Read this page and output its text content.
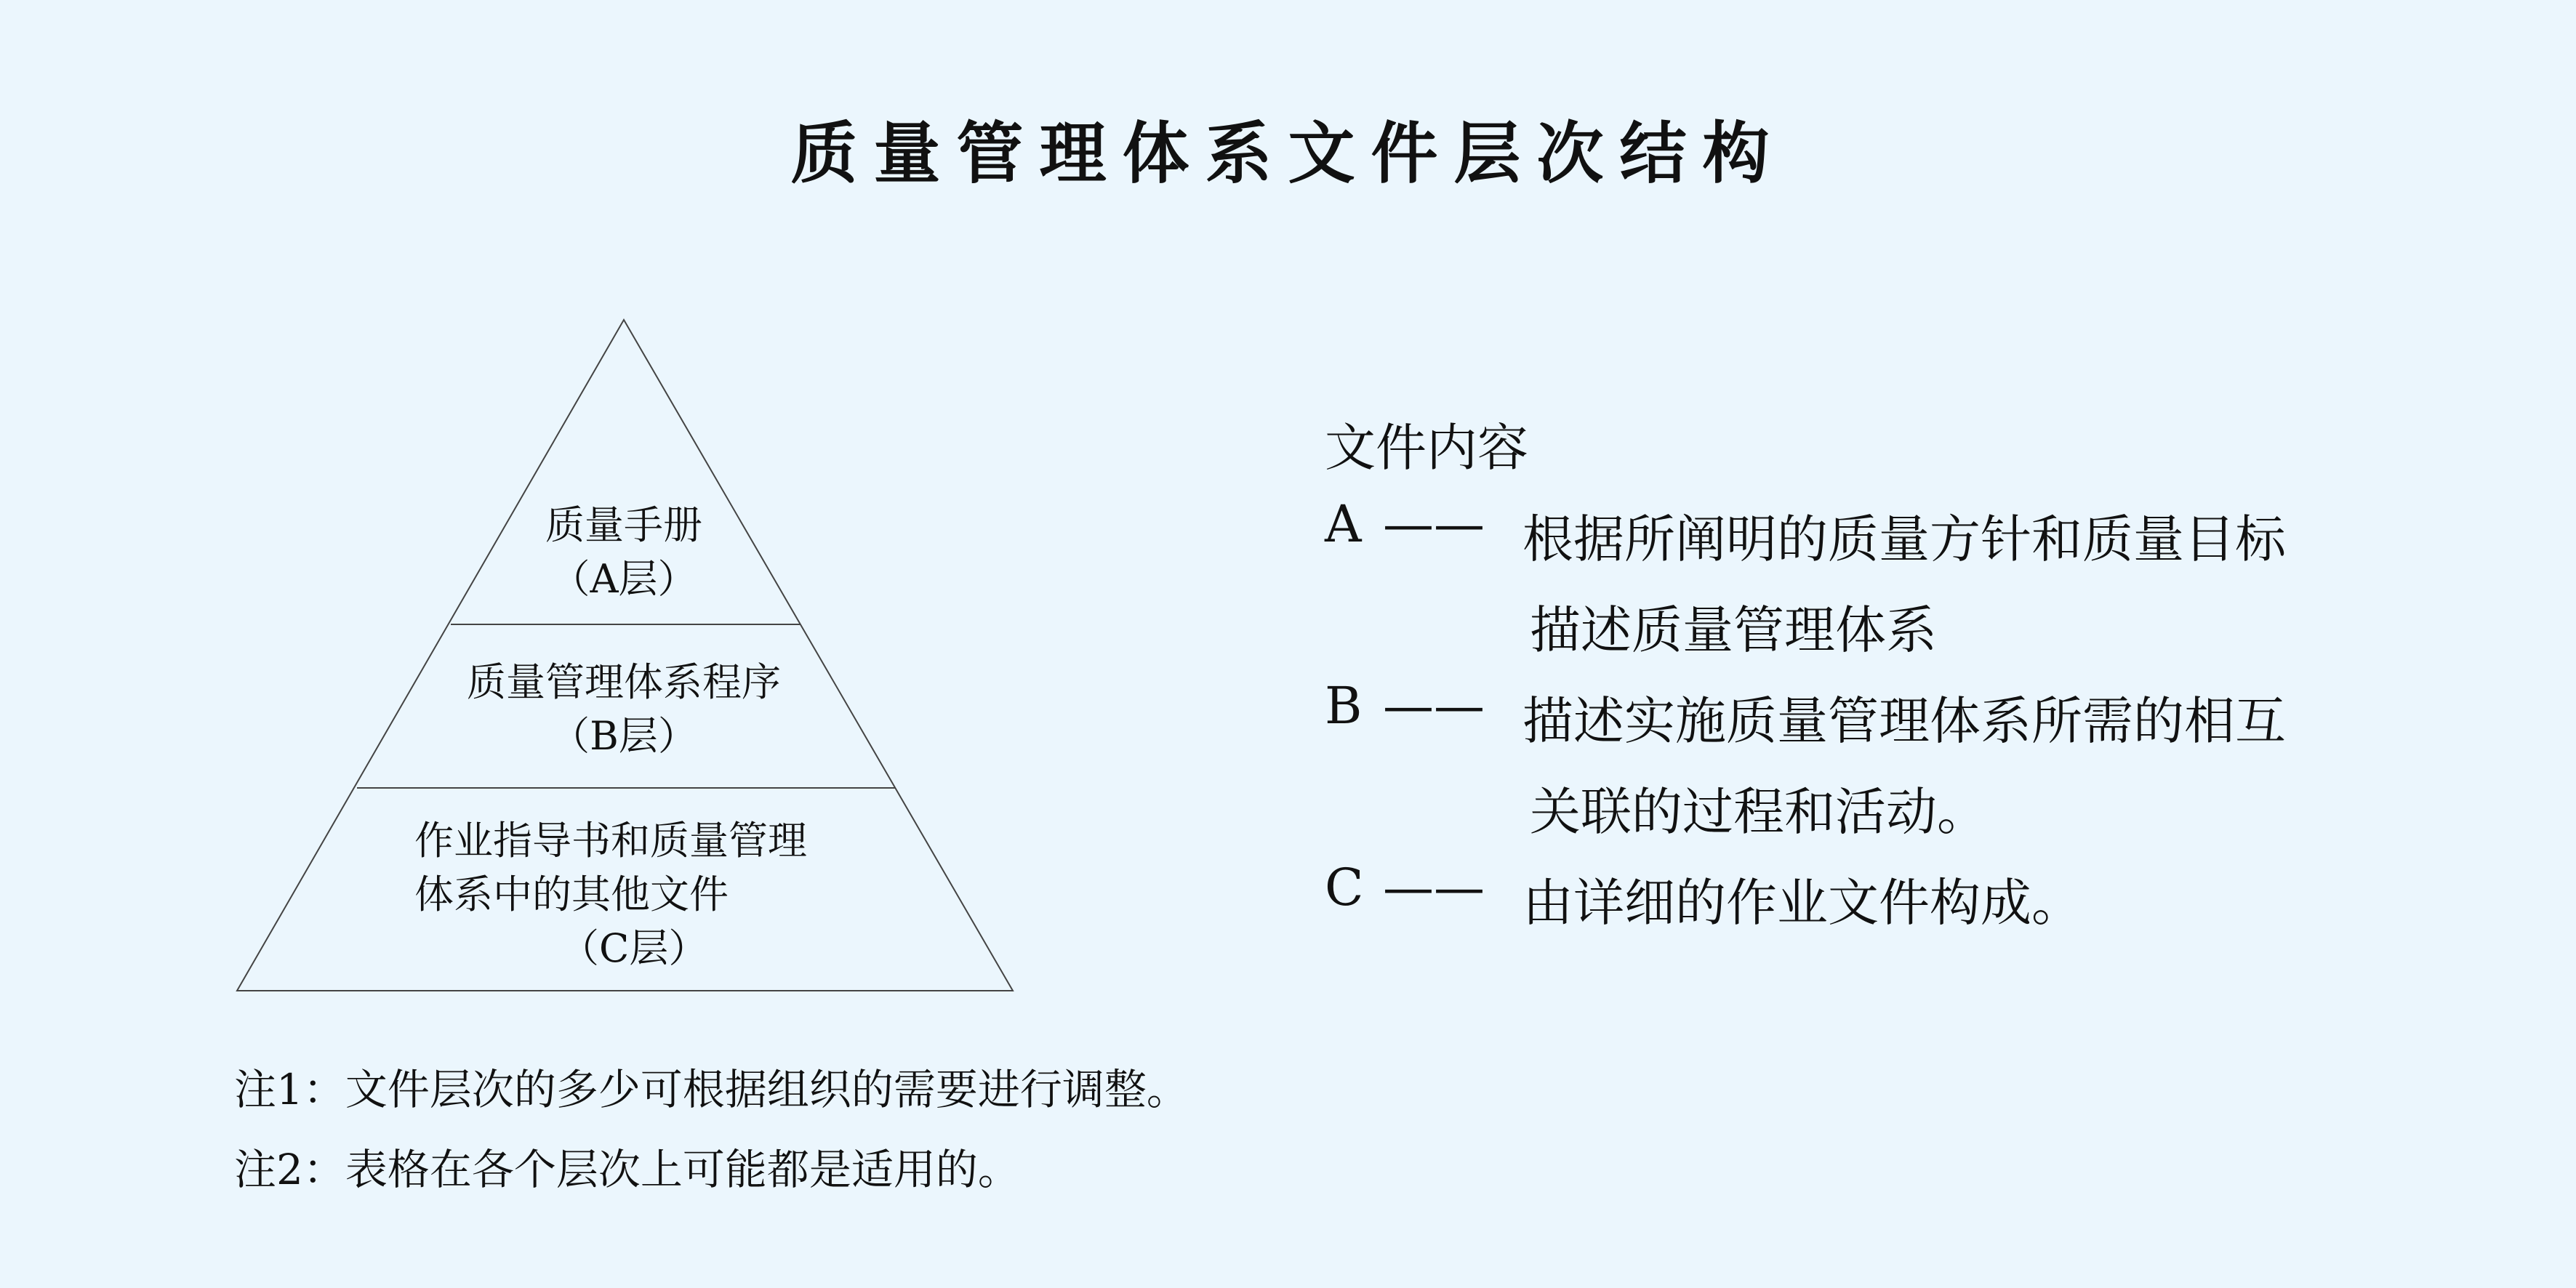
质量管理体系文件层次结构
质量手册
（A层）
质量管理体系程序
（B层）
作业指导书和质量管理
体系中的其他文件
（C层）
文件内容
A —— 根据所阐明的质量方针和质量目标
描述质量管理体系
B —— 描述实施质量管理体系所需的相互
关联的过程和活动。
C —— 由详细的作业文件构成。
注1：文件层次的多少可根据组织的需要进行调整。
注2：表格在各个层次上可能都是适用的。
